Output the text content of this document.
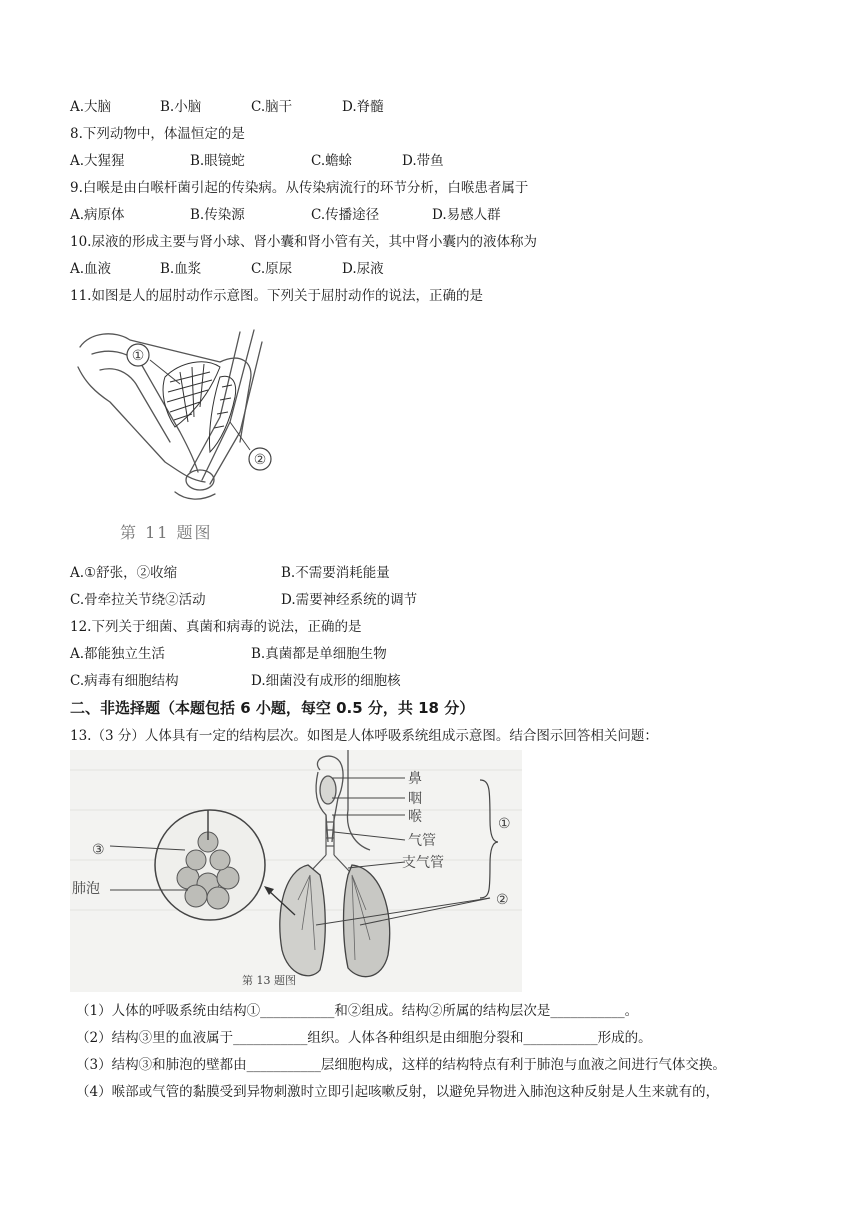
A.大脑	B.小脑	C.脑干	D.脊髓
8.下列动物中，体温恒定的是
A.大猩猩	B.眼镜蛇	C.蟾蜍	D.带鱼
9.白喉是由白喉杆菌引起的传染病。从传染病流行的环节分析，白喉患者属于
A.病原体	B.传染源	C.传播途径	D.易感人群
10.尿液的形成主要与肾小球、肾小囊和肾小管有关，其中肾小囊内的液体称为
A.血液	B.血浆	C.原尿	D.尿液
11.如图是人的屈肘动作示意图。下列关于屈肘动作的说法，正确的是
①
②
第 11 题图
A.①舒张，②收缩	B.不需要消耗能量
C.骨牵拉关节绕②活动	D.需要神经系统的调节
12.下列关于细菌、真菌和病毒的说法，正确的是
A.都能独立生活	B.真菌都是单细胞生物
C.病毒有细胞结构	D.细菌没有成形的细胞核
二、非选择题（本题包括 6 小题，每空 0.5 分，共 18 分）
13.（3 分）人体具有一定的结构层次。如图是人体呼吸系统组成示意图。结合图示回答相关问题：
鼻
咽
喉
气管
支气管
①
②
③
肺泡
第 13 题图
（1）人体的呼吸系统由结构①___________和②组成。结构②所属的结构层次是___________。
（2）结构③里的血液属于___________组织。人体各种组织是由细胞分裂和___________形成的。
（3）结构③和肺泡的壁都由___________层细胞构成，这样的结构特点有利于肺泡与血液之间进行气体交换。
（4）喉部或气管的黏膜受到异物刺激时立即引起咳嗽反射，以避免异物进入肺泡这种反射是人生来就有的，
